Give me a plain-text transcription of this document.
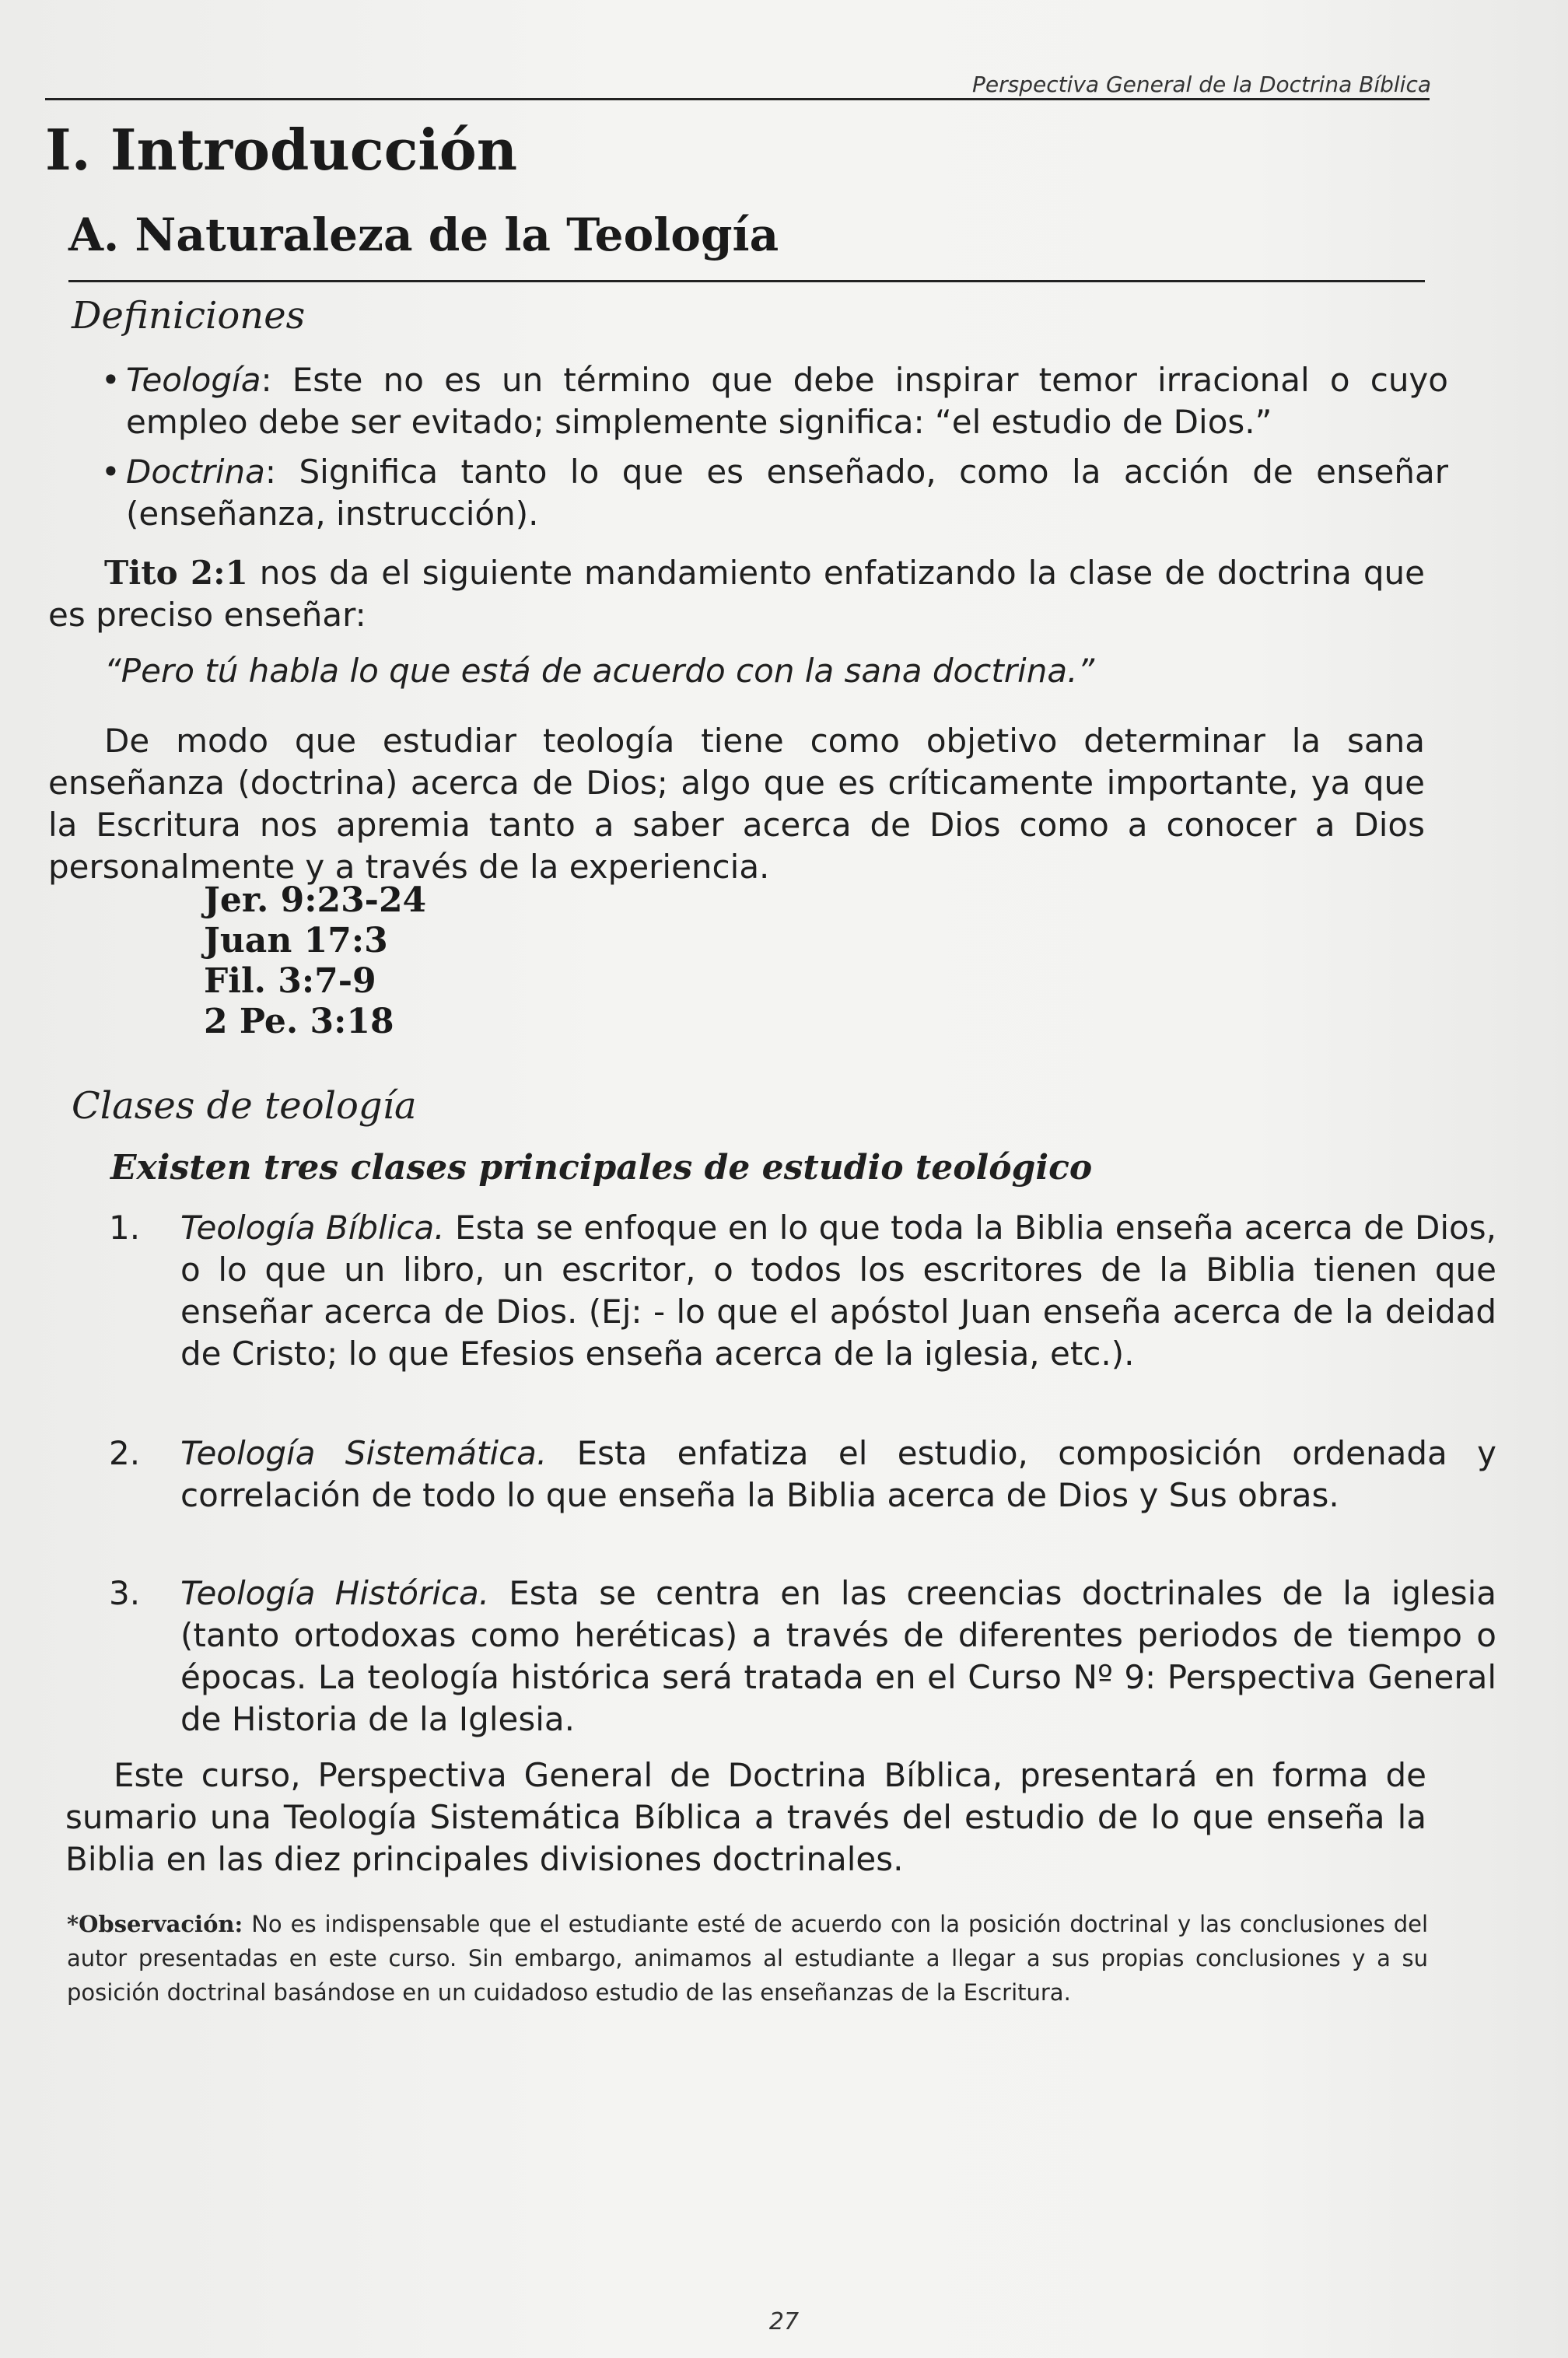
Perspectiva General de la Doctrina Bíblica
I. Introducción
A. Naturaleza de la Teología
Definiciones
• Teología: Este no es un término que debe inspirar temor irracional o cuyo empleo debe ser evitado; simplemente significa: “el estudio de Dios.”
• Doctrina: Significa tanto lo que es enseñado, como la acción de enseñar (enseñanza, instrucción).
Tito 2:1 nos da el siguiente mandamiento enfatizando la clase de doctrina que es preciso enseñar:
“Pero tú habla lo que está de acuerdo con la sana doctrina.”
De modo que estudiar teología tiene como objetivo determinar la sana enseñanza (doctrina) acerca de Dios; algo que es críticamente importante, ya que la Escritura nos apremia tanto a saber acerca de Dios como a conocer a Dios personalmente y a través de la experiencia.
Jer. 9:23-24
Juan 17:3
Fil. 3:7-9
2 Pe. 3:18
Clases de teología
Existen tres clases principales de estudio teológico
1. Teología Bíblica. Esta se enfoque en lo que toda la Biblia enseña acerca de Dios, o lo que un libro, un escritor, o todos los escritores de la Biblia tienen que enseñar acerca de Dios. (Ej: - lo que el apóstol Juan enseña acerca de la deidad de Cristo; lo que Efesios enseña acerca de la iglesia, etc.).
2. Teología Sistemática. Esta enfatiza el estudio, composición ordenada y correlación de todo lo que enseña la Biblia acerca de Dios y Sus obras.
3. Teología Histórica. Esta se centra en las creencias doctrinales de la iglesia (tanto ortodoxas como heréticas) a través de diferentes periodos de tiempo o épocas. La teología histórica será tratada en el Curso Nº 9: Perspectiva General de Historia de la Iglesia.
Este curso, Perspectiva General de Doctrina Bíblica, presentará en forma de sumario una Teología Sistemática Bíblica a través del estudio de lo que enseña la Biblia en las diez principales divisiones doctrinales.
*Observación: No es indispensable que el estudiante esté de acuerdo con la posición doctrinal y las conclusiones del autor presentadas en este curso. Sin embargo, animamos al estudiante a llegar a sus propias conclusiones y a su posición doctrinal basándose en un cuidadoso estudio de las enseñanzas de la Escritura.
27
